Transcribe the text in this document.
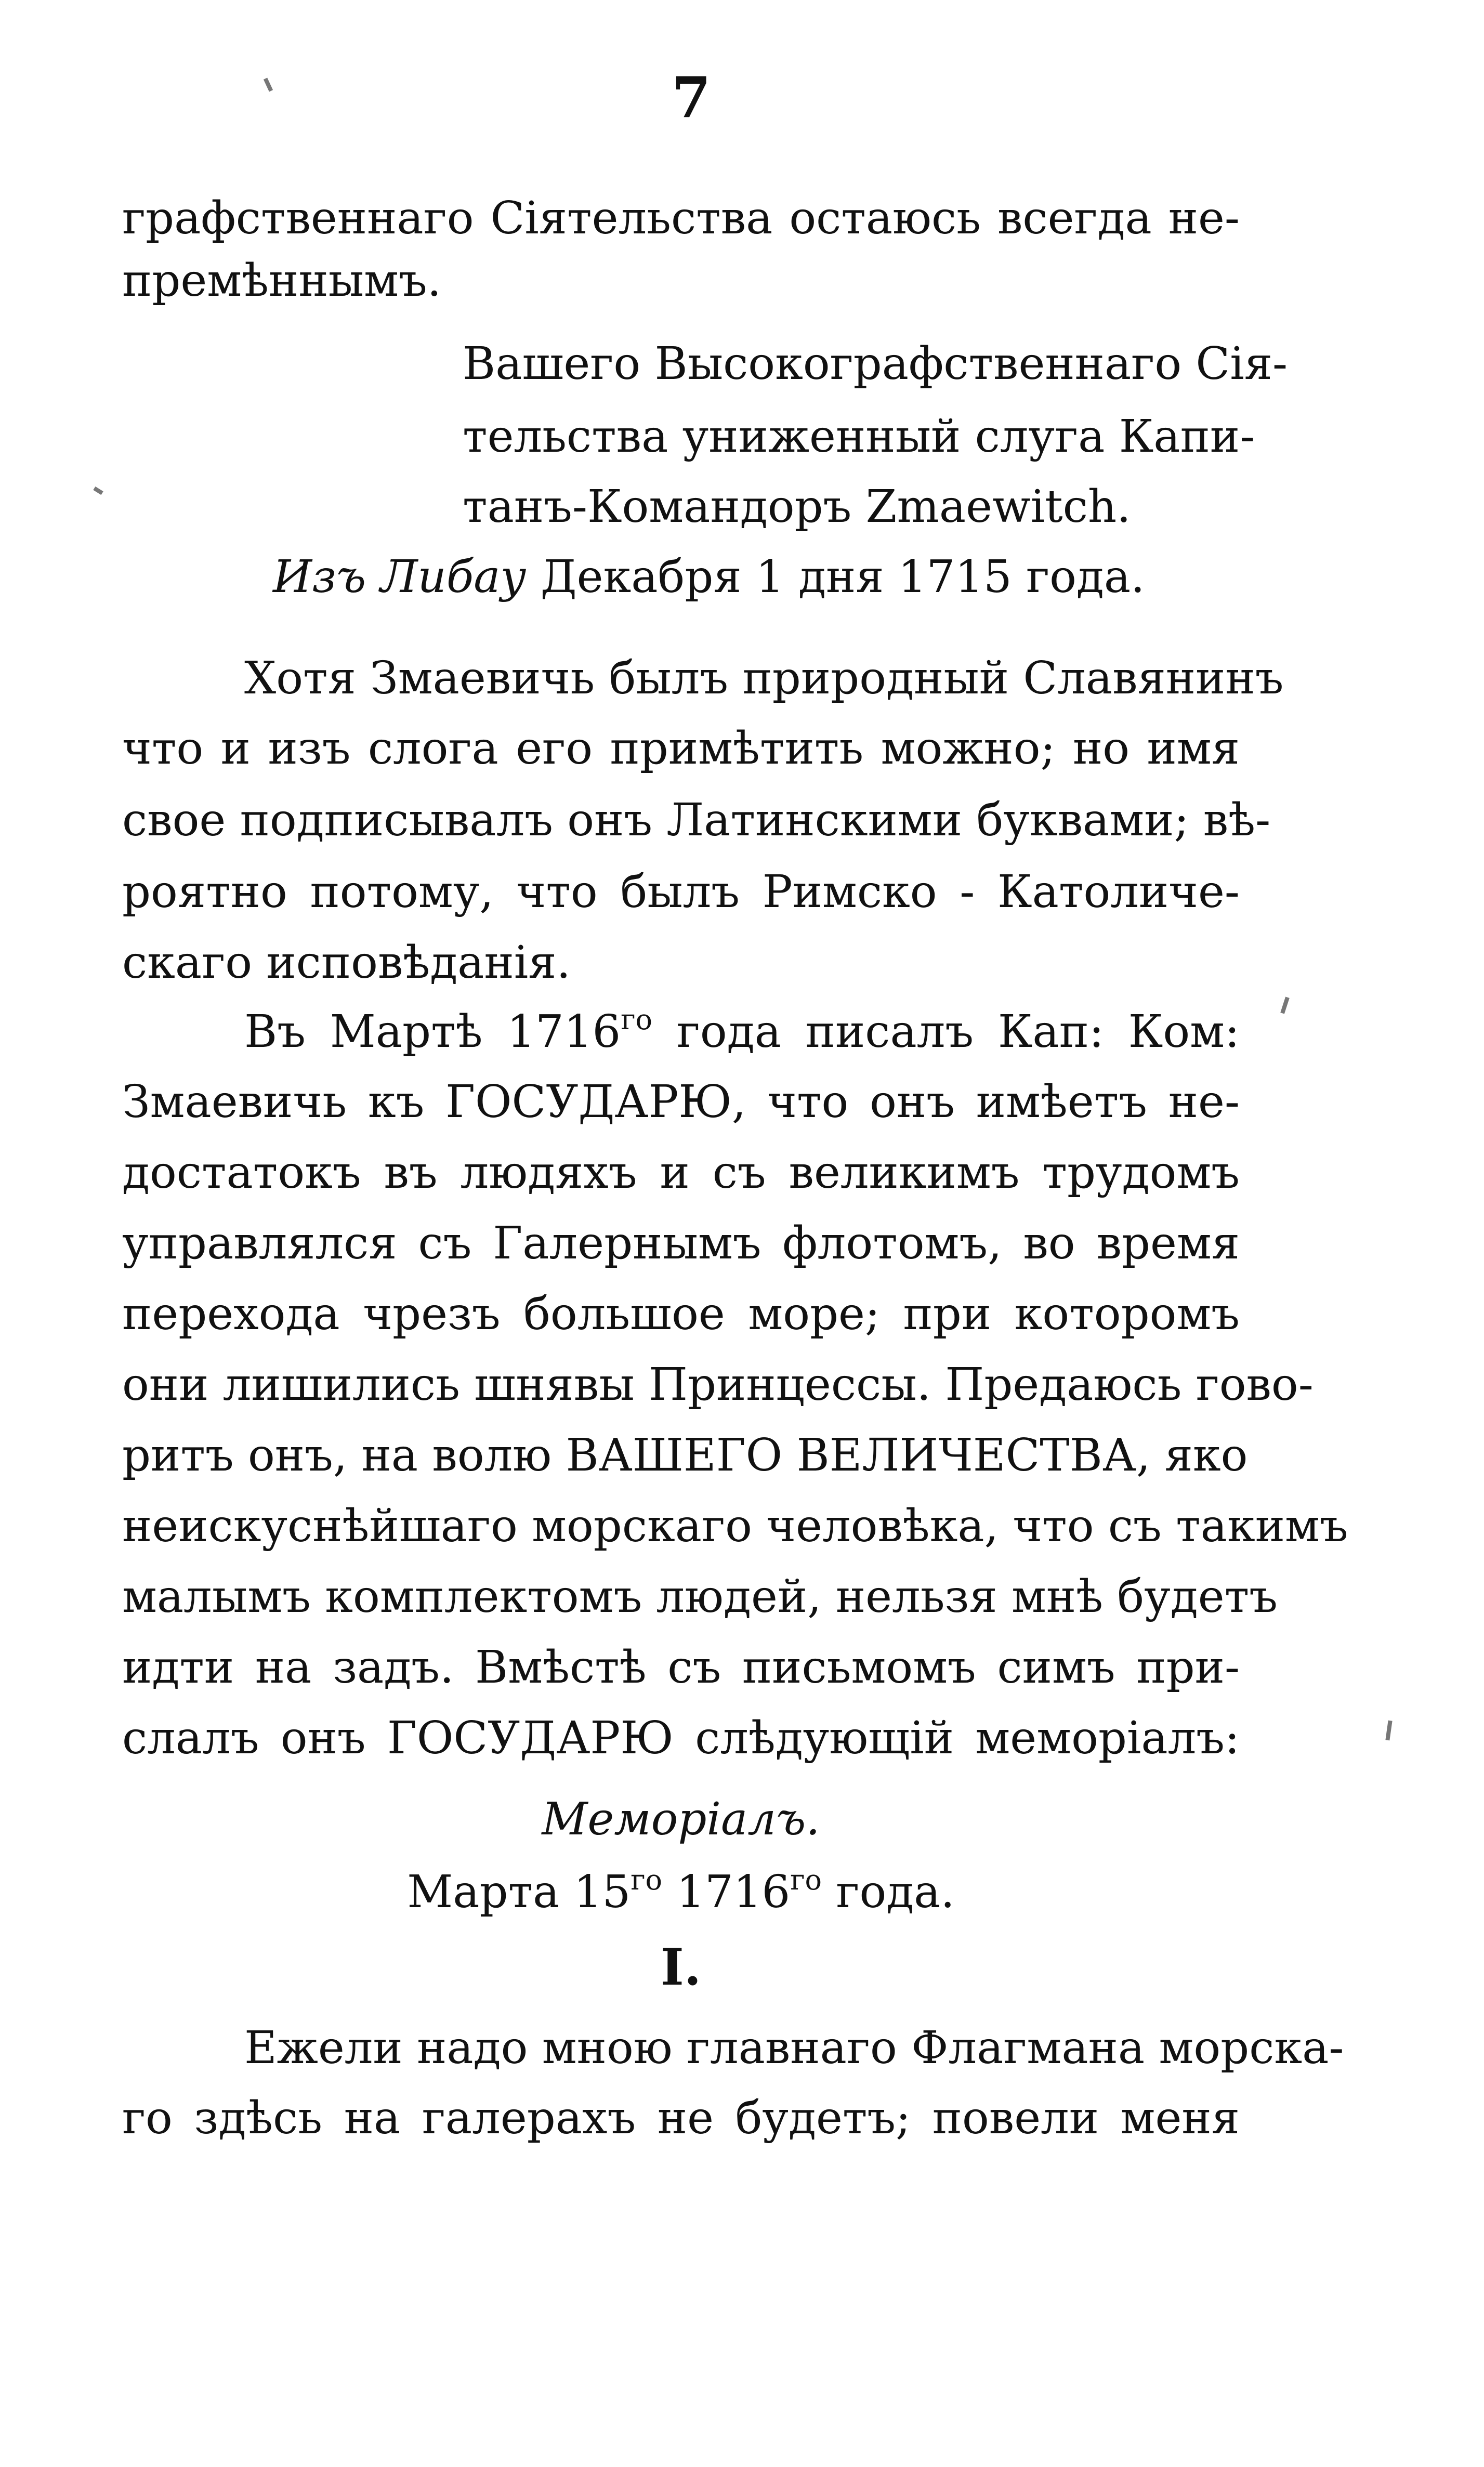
7
графственнаго Сіятельства остаюсь всегда не-
премѣннымъ.
Вашего Высокографственнаго Сія-
тельства униженный слуга Капи-
танъ-Командоръ Zmaewitch.
Изъ Либау Декабря 1 дня 1715 года.
Хотя Змаевичь былъ природный Славянинъ
что и изъ слога его примѣтить можно; но имя
свое подписывалъ онъ Латинскими буквами; вѣ-
роятно потому, что былъ Римско - Католиче-
скаго исповѣданія.
Въ Мартѣ $1716^{го}$ года писалъ Кап: Ком:
Змаевичь къ ГОСУДАРЮ, что онъ имѣетъ не-
достатокъ въ людяхъ и съ великимъ трудомъ
управлялся съ Галернымъ флотомъ, во время
перехода чрезъ большое море; при которомъ
они лишились шнявы Принцессы. Предаюсь гово-
ритъ онъ, на волю ВАШЕГО ВЕЛИЧЕСТВА, яко
неискуснѣйшаго морскаго человѣка, что съ такимъ
малымъ комплектомъ людей, нельзя мнѣ будетъ
идти на задъ. Вмѣстѣ съ письмомъ симъ при-
слалъ онъ ГОСУДАРЮ слѣдующій меморіалъ:
Меморіалъ.
Марта $15^{го}$ $1716^{го}$ года.
I.
Ежели надо мною главнаго Флагмана морска-
го здѣсь на галерахъ не будетъ; повели меня
